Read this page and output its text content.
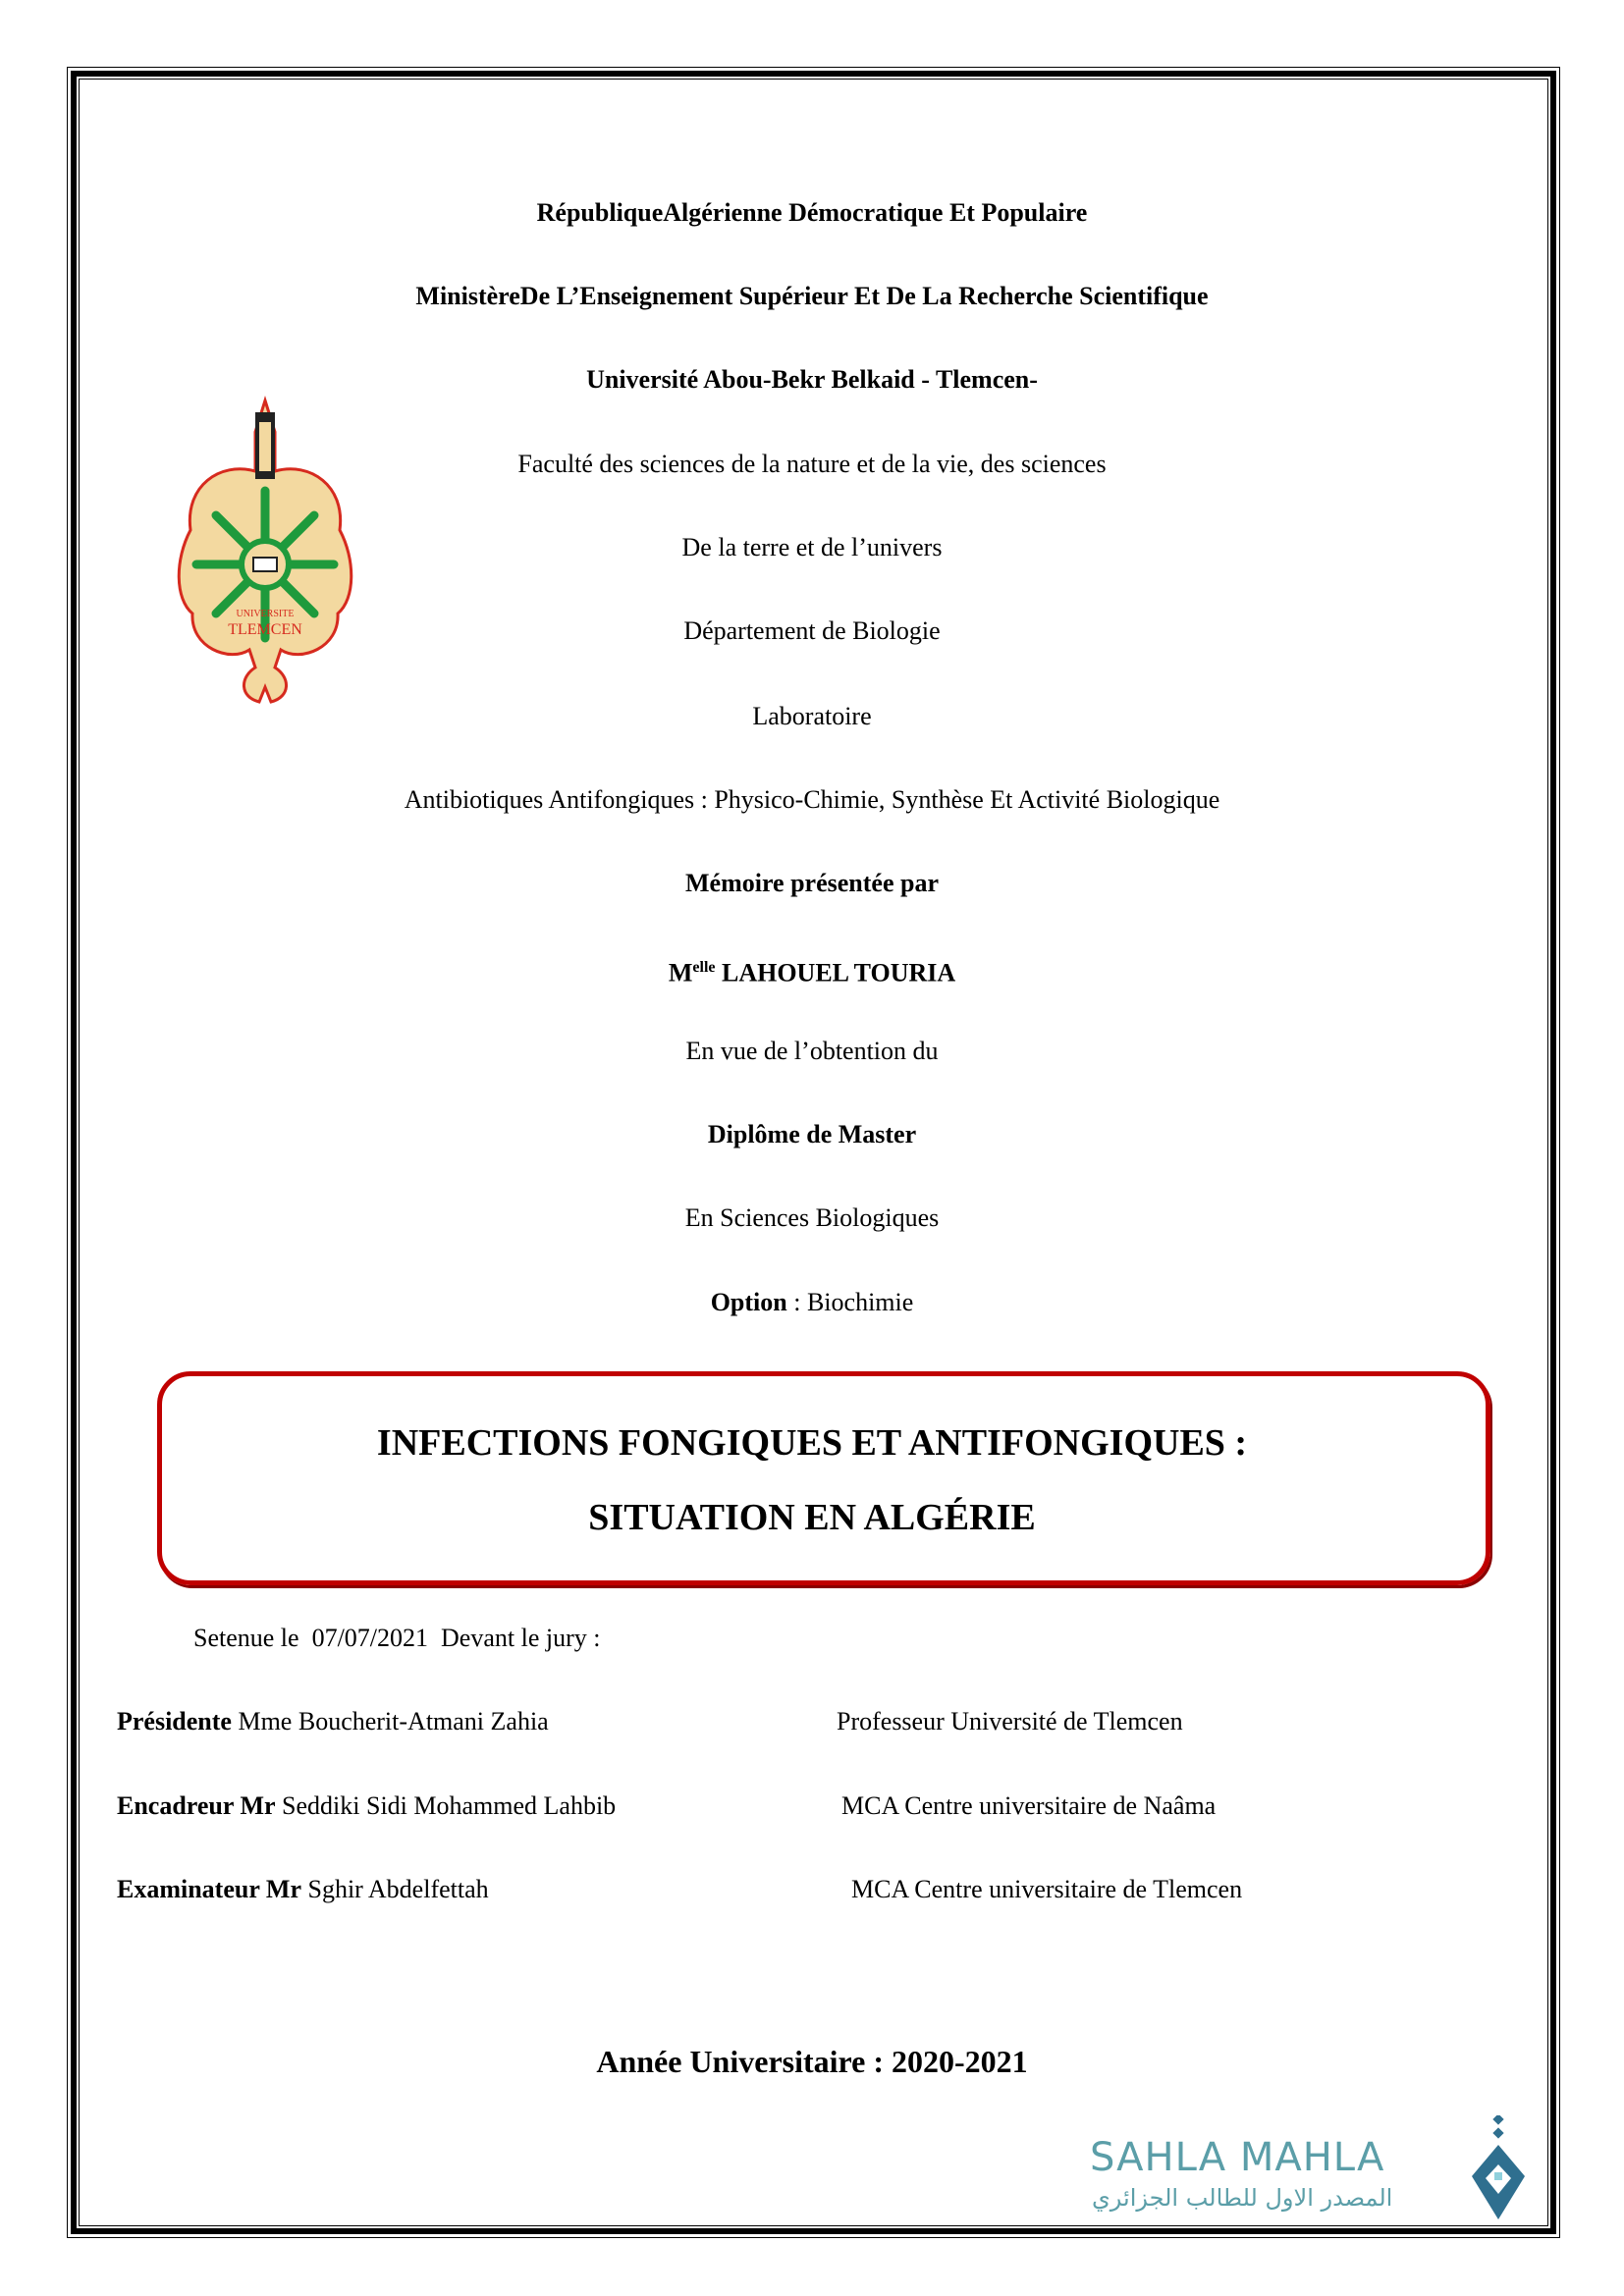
RépubliqueAlgérienne Démocratique Et Populaire
MinistèreDe L’Enseignement Supérieur Et De La Recherche Scientifique
Université Abou-Bekr Belkaid - Tlemcen-
UNIVERSITE
TLEMCEN
Faculté des sciences de la nature et de la vie, des sciences
De la terre et de l’univers
Département de Biologie
Laboratoire
Antibiotiques Antifongiques : Physico-Chimie, Synthèse Et Activité Biologique
Mémoire présentée par
$M^{elle}$ LAHOUEL TOURIA
En vue de l’obtention du
Diplôme de Master
En Sciences Biologiques
Option : Biochimie
INFECTIONS FONGIQUES ET ANTIFONGIQUES :
SITUATION EN ALGÉRIE
Setenue le  07/07/2021  Devant le jury :
Présidente Mme Boucherit-Atmani Zahia	Professeur Université de Tlemcen
Encadreur Mr Seddiki Sidi Mohammed Lahbib	MCA Centre universitaire de Naâma
Examinateur Mr Sghir Abdelfettah	MCA Centre universitaire de Tlemcen
Année Universitaire : 2020-2021
SAHLA MAHLA
المصدر الاول للطالب الجزائري
